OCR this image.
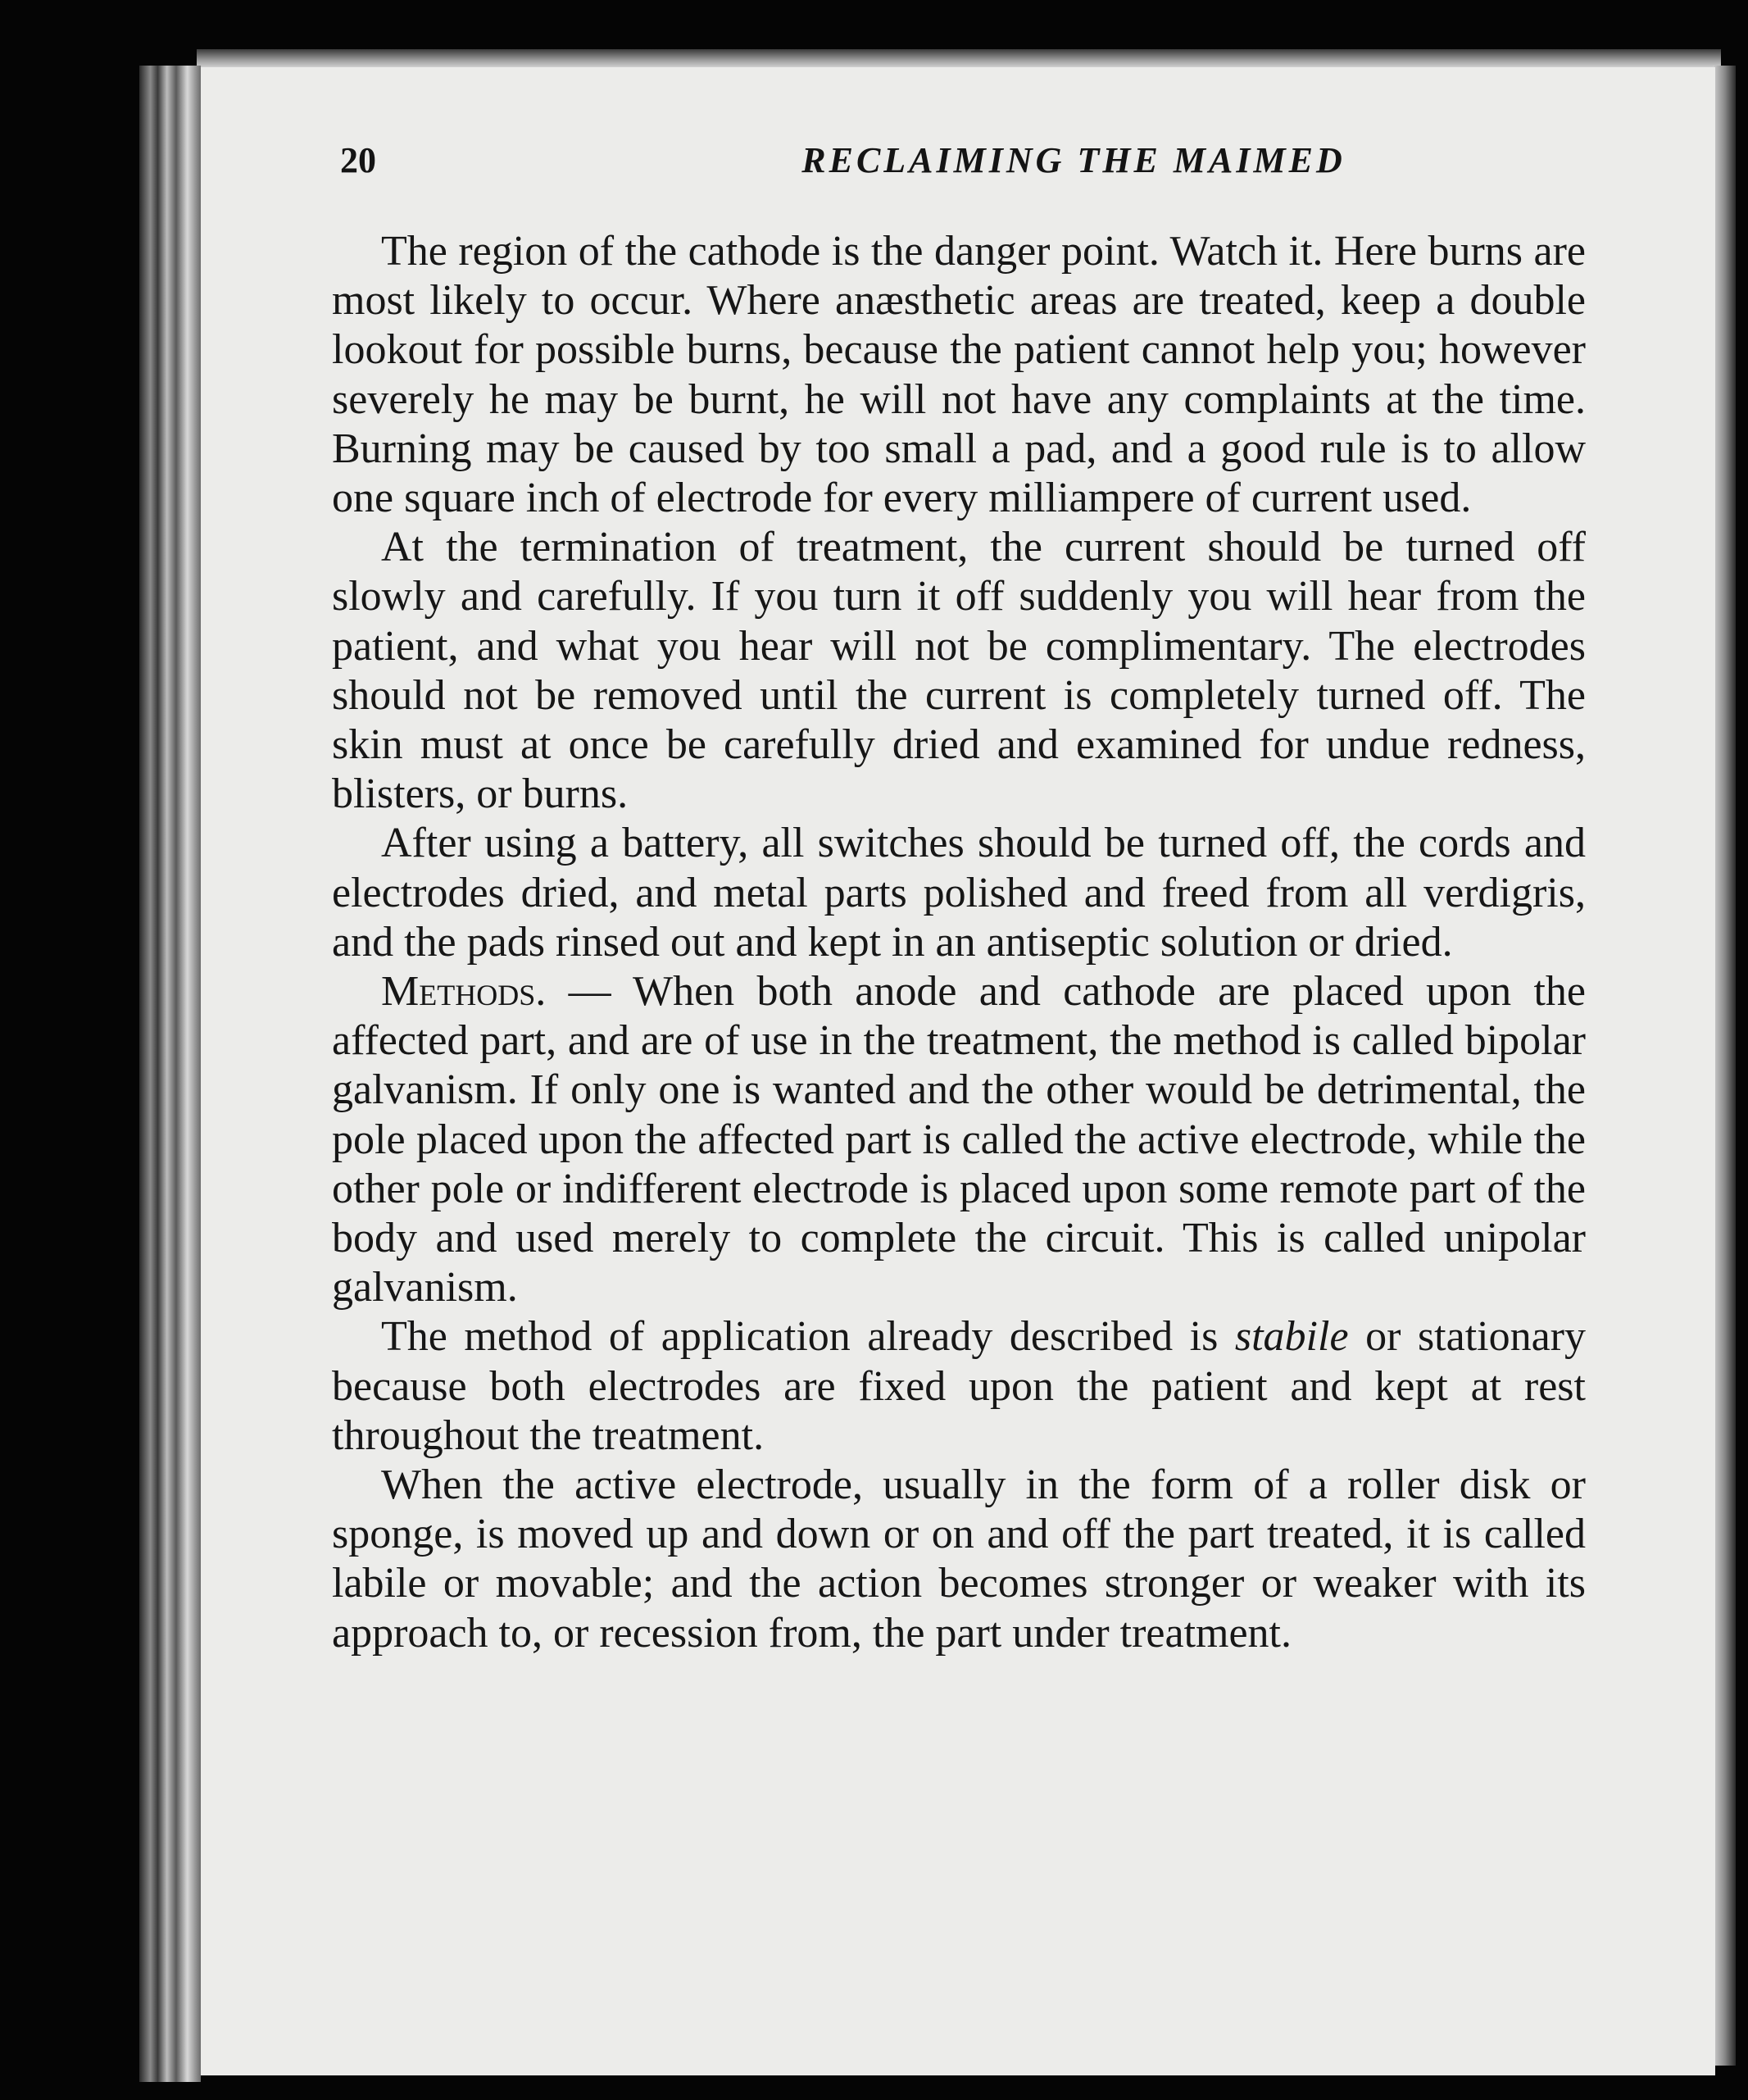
20	RECLAIMING THE MAIMED

The region of the cathode is the danger point. Watch it. Here burns are most likely to occur. Where anæsthetic areas are treated, keep a double lookout for possible burns, because the patient cannot help you; however severely he may be burnt, he will not have any complaints at the time. Burning may be caused by too small a pad, and a good rule is to allow one square inch of electrode for every milliampere of current used.

At the termination of treatment, the current should be turned off slowly and carefully. If you turn it off suddenly you will hear from the patient, and what you hear will not be complimentary. The electrodes should not be removed until the current is completely turned off. The skin must at once be carefully dried and examined for undue redness, blisters, or burns.

After using a battery, all switches should be turned off, the cords and electrodes dried, and metal parts polished and freed from all verdigris, and the pads rinsed out and kept in an antiseptic solution or dried.

Methods. — When both anode and cathode are placed upon the affected part, and are of use in the treatment, the method is called bipolar galvanism. If only one is wanted and the other would be detrimental, the pole placed upon the affected part is called the active electrode, while the other pole or indifferent electrode is placed upon some remote part of the body and used merely to complete the circuit. This is called unipolar galvanism.

The method of application already described is stabile or stationary because both electrodes are fixed upon the patient and kept at rest throughout the treatment.

When the active electrode, usually in the form of a roller disk or sponge, is moved up and down or on and off the part treated, it is called labile or movable; and the action becomes stronger or weaker with its approach to, or recession from, the part under treatment.
